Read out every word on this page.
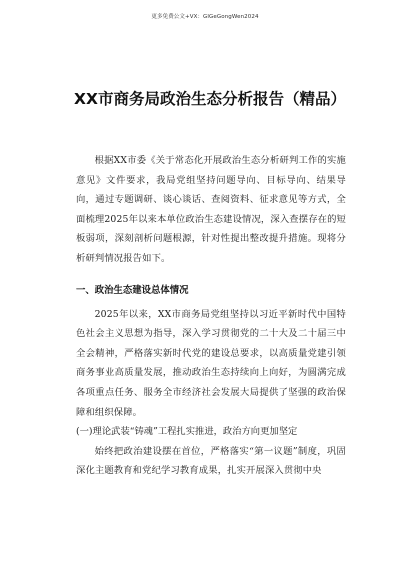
更多免费公文+VX：GlGeGongWen2024
XX市商务局政治生态分析报告（精品）

根据XX市委《关于常态化开展政治生态分析研判工作的实施意见》文件要求，我局党组坚持问题导向、目标导向、结果导向，通过专题调研、谈心谈话、查阅资料、征求意见等方式，全面梳理2025年以来本单位政治生态建设情况，深入查摆存在的短板弱项，深刻剖析问题根源，针对性提出整改提升措施。现将分析研判情况报告如下。

一、政治生态建设总体情况

2025年以来，XX市商务局党组坚持以习近平新时代中国特色社会主义思想为指导，深入学习贯彻党的二十大及二十届三中全会精神，严格落实新时代党的建设总要求，以高质量党建引领商务事业高质量发展，推动政治生态持续向上向好，为圆满完成各项重点任务、服务全市经济社会发展大局提供了坚强的政治保障和组织保障。

(一)理论武装“铸魂”工程扎实推进，政治方向更加坚定

始终把政治建设摆在首位，严格落实“第一议题”制度，巩固深化主题教育和党纪学习教育成果，扎实开展深入贯彻中央
